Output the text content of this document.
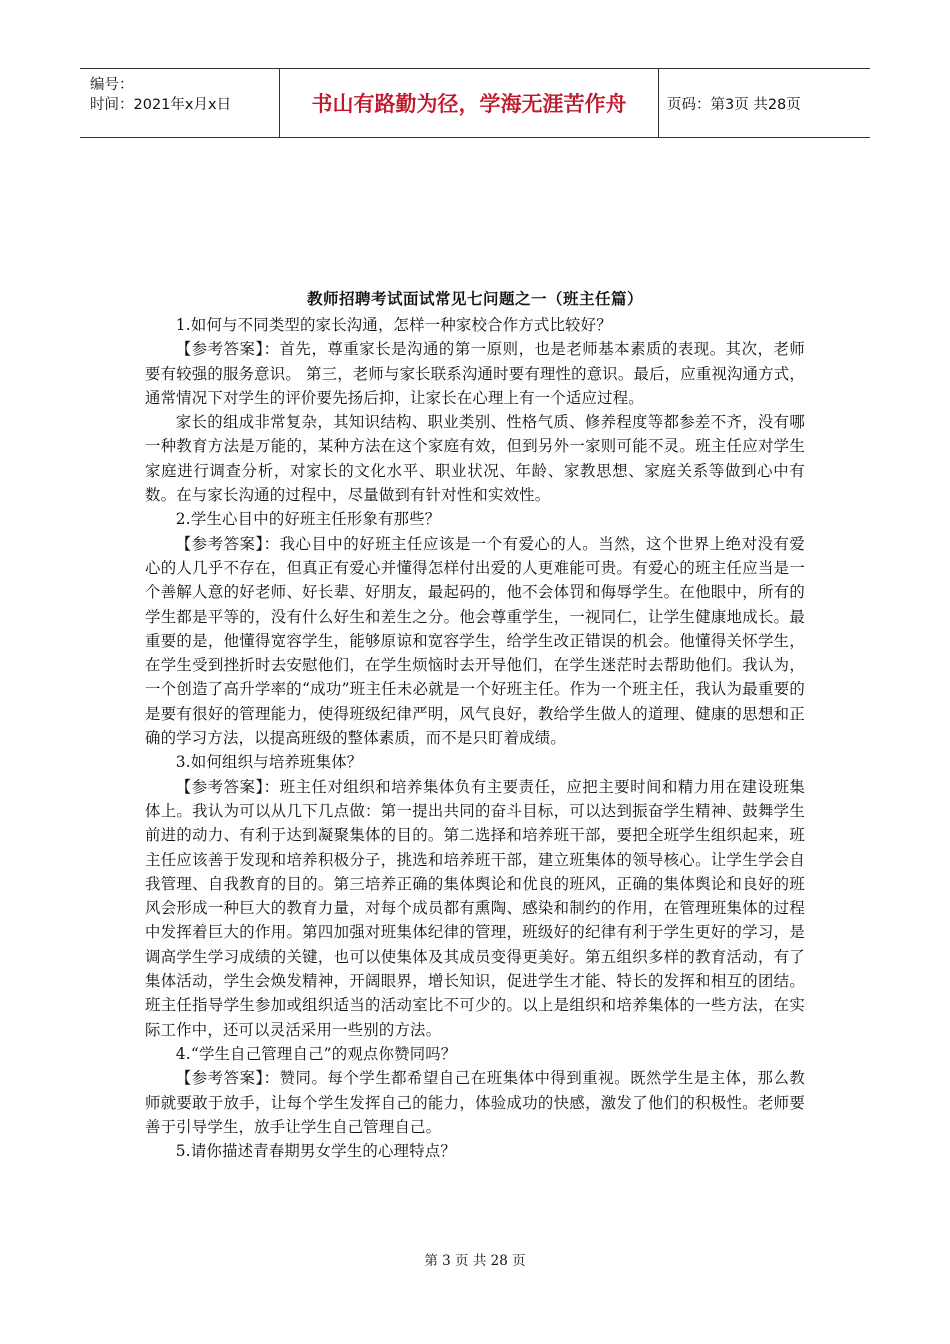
编号：
时间：2021年x月x日	书山有路勤为径，学海无涯苦作舟	页码：第3页 共28页
教师招聘考试面试常见七问题之一（班主任篇）

1.如何与不同类型的家长沟通，怎样一种家校合作方式比较好？

【参考答案】：首先，尊重家长是沟通的第一原则，也是老师基本素质的表现。其次，老师要有较强的服务意识。 第三，老师与家长联系沟通时要有理性的意识。最后，应重视沟通方式，通常情况下对学生的评价要先扬后抑，让家长在心理上有一个适应过程。

家长的组成非常复杂，其知识结构、职业类别、性格气质、修养程度等都参差不齐，没有哪一种教育方法是万能的，某种方法在这个家庭有效，但到另外一家则可能不灵。班主任应对学生家庭进行调查分析，对家长的文化水平、职业状况、年龄、家教思想、家庭关系等做到心中有数。在与家长沟通的过程中，尽量做到有针对性和实效性。

2.学生心目中的好班主任形象有那些？

【参考答案】：我心目中的好班主任应该是一个有爱心的人。当然，这个世界上绝对没有爱心的人几乎不存在，但真正有爱心并懂得怎样付出爱的人更难能可贵。有爱心的班主任应当是一个善解人意的好老师、好长辈、好朋友，最起码的，他不会体罚和侮辱学生。在他眼中，所有的学生都是平等的，没有什么好生和差生之分。他会尊重学生，一视同仁，让学生健康地成长。最重要的是，他懂得宽容学生，能够原谅和宽容学生，给学生改正错误的机会。他懂得关怀学生，在学生受到挫折时去安慰他们，在学生烦恼时去开导他们，在学生迷茫时去帮助他们。我认为，一个创造了高升学率的“成功”班主任未必就是一个好班主任。作为一个班主任，我认为最重要的是要有很好的管理能力，使得班级纪律严明，风气良好，教给学生做人的道理、健康的思想和正确的学习方法，以提高班级的整体素质，而不是只盯着成绩。

3.如何组织与培养班集体？

【参考答案】：班主任对组织和培养集体负有主要责任，应把主要时间和精力用在建设班集体上。我认为可以从几下几点做：第一提出共同的奋斗目标，可以达到振奋学生精神、鼓舞学生前进的动力、有利于达到凝聚集体的目的。第二选择和培养班干部，要把全班学生组织起来，班主任应该善于发现和培养积极分子，挑选和培养班干部，建立班集体的领导核心。让学生学会自我管理、自我教育的目的。第三培养正确的集体舆论和优良的班风，正确的集体舆论和良好的班风会形成一种巨大的教育力量，对每个成员都有熏陶、感染和制约的作用，在管理班集体的过程中发挥着巨大的作用。第四加强对班集体纪律的管理，班级好的纪律有利于学生更好的学习，是调高学生学习成绩的关键，也可以使集体及其成员变得更美好。第五组织多样的教育活动，有了集体活动，学生会焕发精神，开阔眼界，增长知识，促进学生才能、特长的发挥和相互的团结。班主任指导学生参加或组织适当的活动室比不可少的。以上是组织和培养集体的一些方法，在实际工作中，还可以灵活采用一些别的方法。

4.“学生自己管理自己”的观点你赞同吗？

【参考答案】：赞同。每个学生都希望自己在班集体中得到重视。既然学生是主体，那么教师就要敢于放手，让每个学生发挥自己的能力，体验成功的快感，激发了他们的积极性。老师要善于引导学生，放手让学生自己管理自己。

5.请你描述青春期男女学生的心理特点？

第 3 页 共 28 页
